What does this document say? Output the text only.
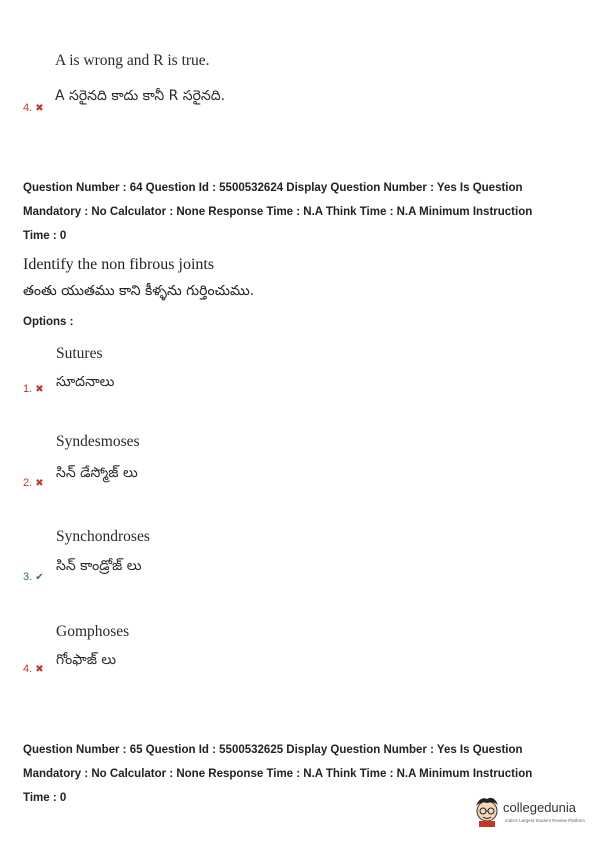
A is wrong and R is true.
A సరైనది కాదు కానీ R సరైనది.
4. ✖
Question Number : 64 Question Id : 5500532624 Display Question Number : Yes Is Question
Mandatory : No Calculator : None Response Time : N.A Think Time : N.A Minimum Instruction
Time : 0
Identify the non fibrous joints
తంతు యుతము కాని కీళ్ళను గుర్తించుము.
Options :
Sutures
సూదనాలు
1. ✖
Syndesmoses
సిన్ డేస్మోజ్ లు
2. ✖
Synchondroses
సిన్ కాండ్రోజ్ లు
3. ✔
Gomphoses
గోంఫాజ్ లు
4. ✖
Question Number : 65 Question Id : 5500532625 Display Question Number : Yes Is Question
Mandatory : No Calculator : None Response Time : N.A Think Time : N.A Minimum Instruction
Time : 0
collegedunia
India's Largest Student Review Platform
